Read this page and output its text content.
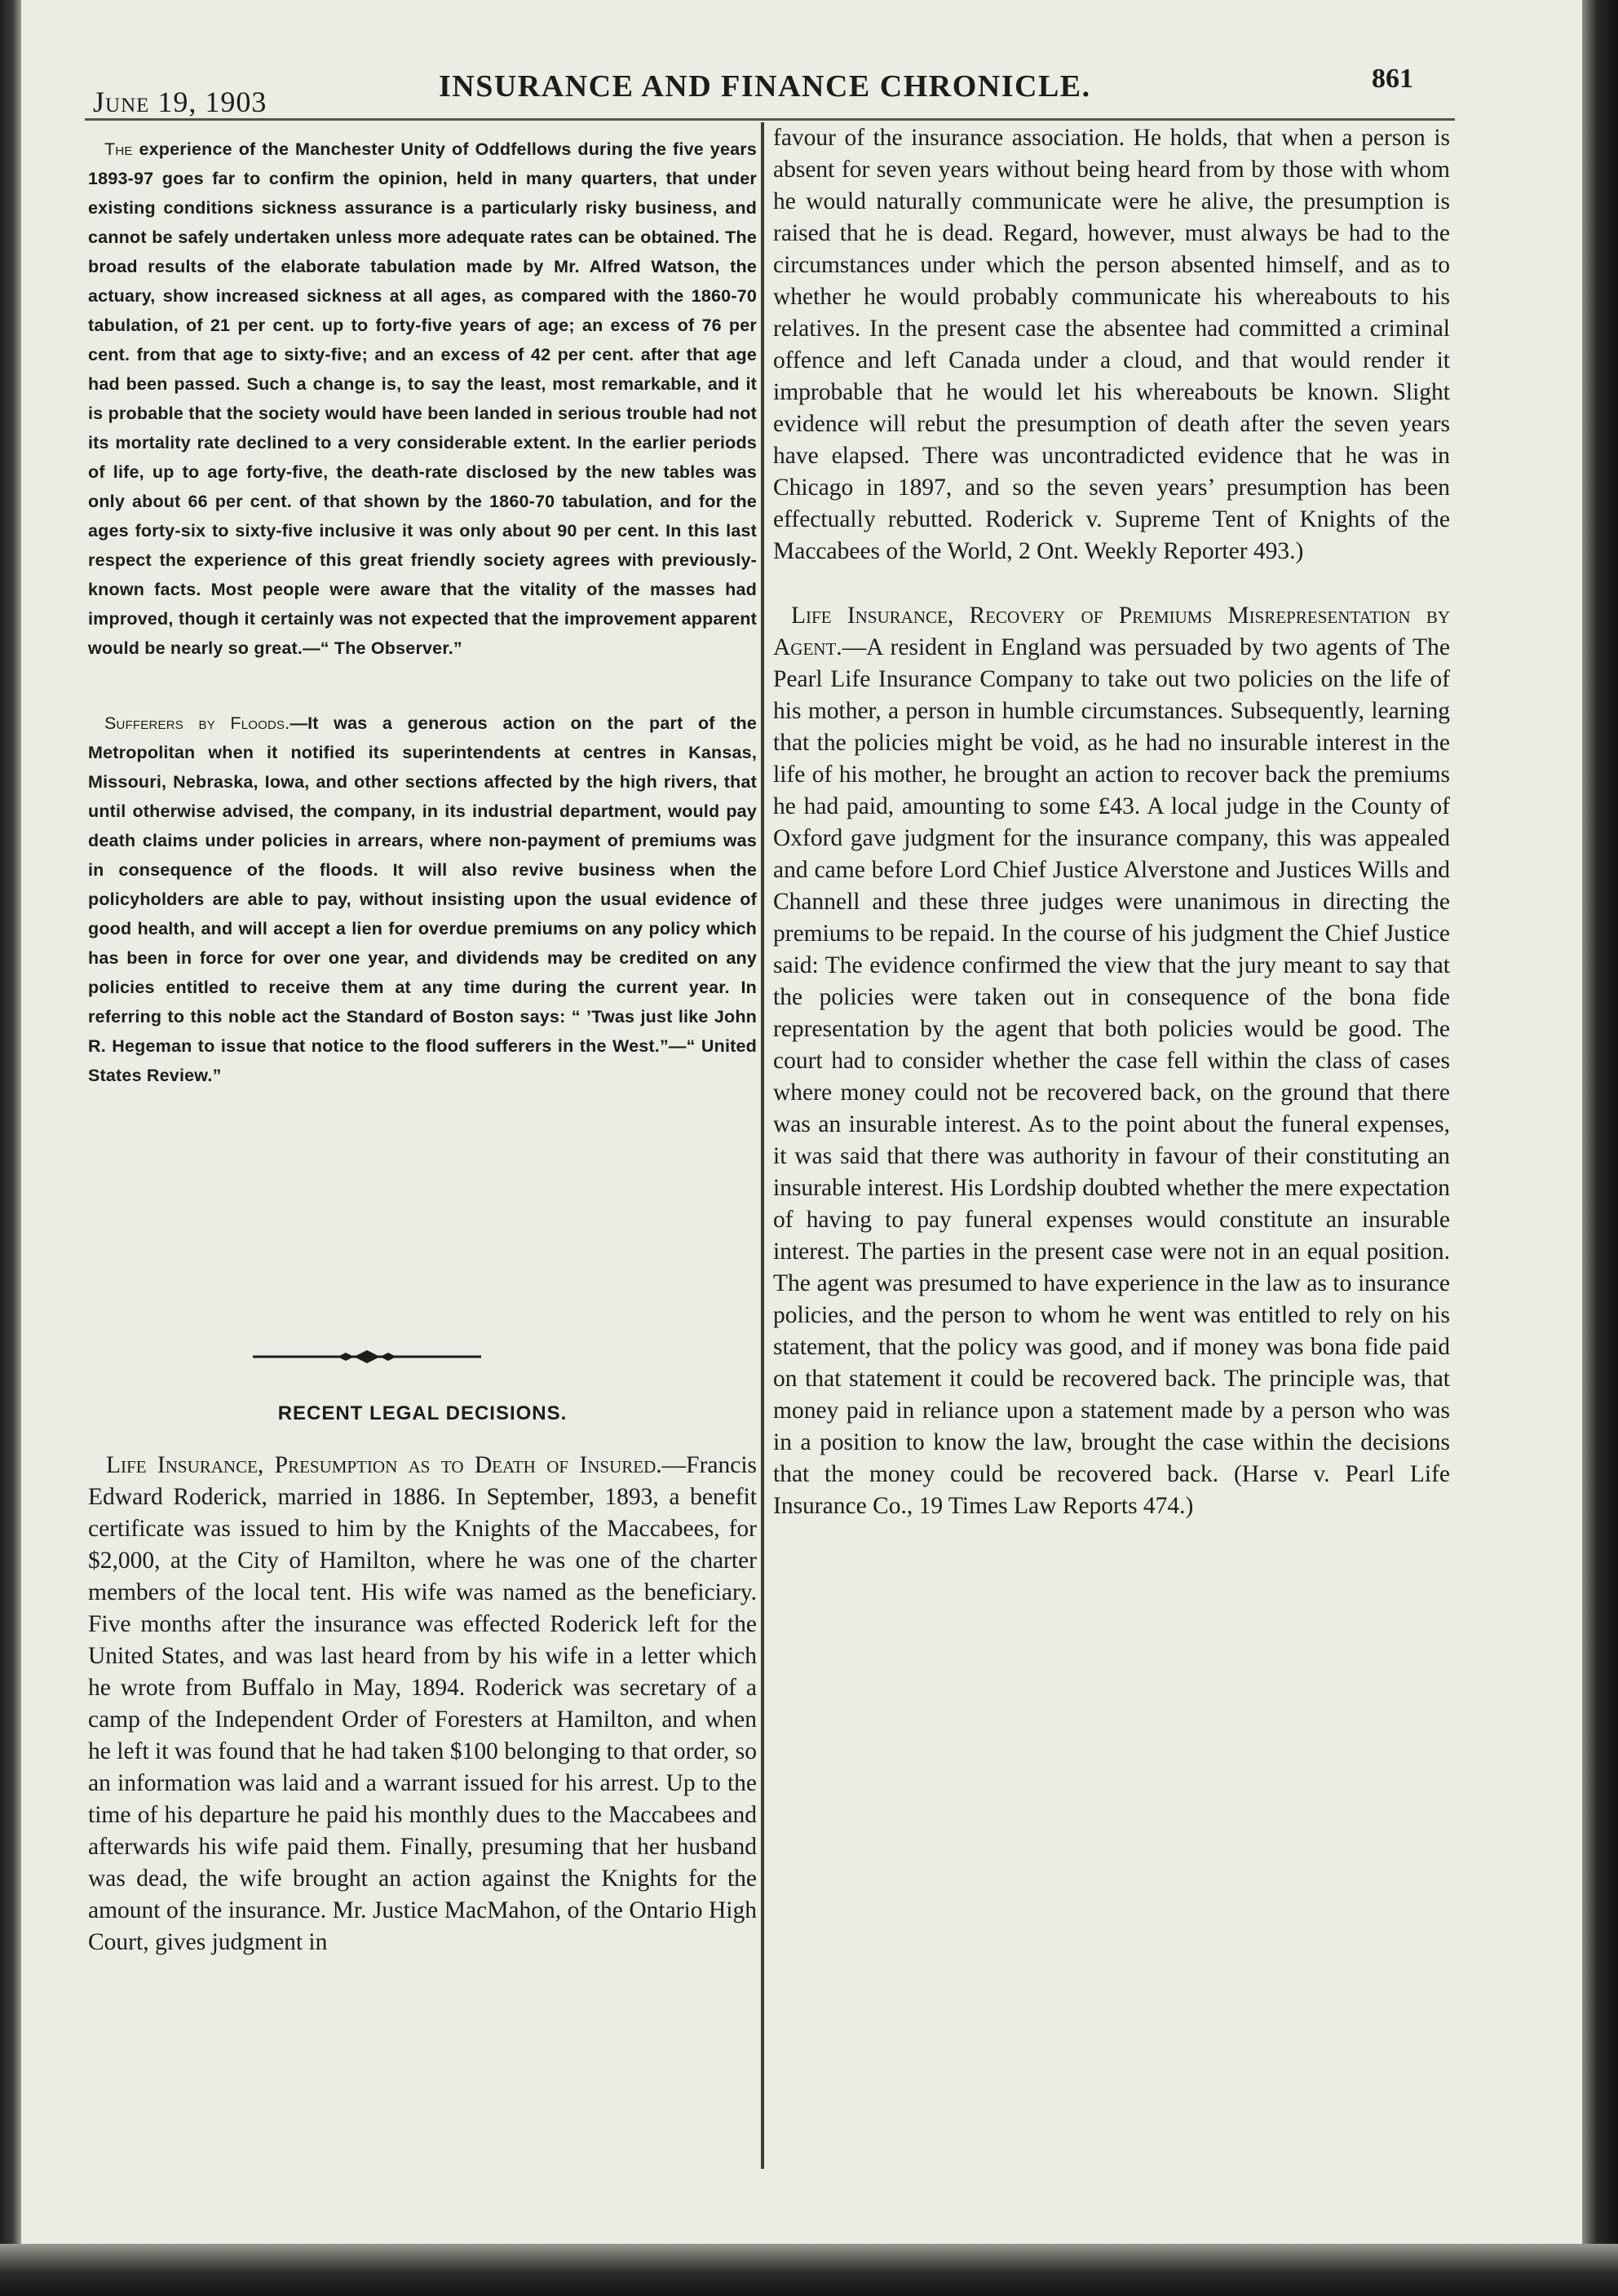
June 19, 1903	INSURANCE AND FINANCE CHRONICLE.	861

The experience of the Manchester Unity of Oddfellows during the five years 1893-97 goes far to confirm the opinion, held in many quarters, that under existing conditions sickness assurance is a particularly risky business, and cannot be safely undertaken unless more adequate rates can be obtained. The broad results of the elaborate tabulation made by Mr. Alfred Watson, the actuary, show increased sickness at all ages, as compared with the 1860-70 tabulation, of 21 per cent. up to forty-five years of age; an excess of 76 per cent. from that age to sixty-five; and an excess of 42 per cent. after that age had been passed. Such a change is, to say the least, most remarkable, and it is probable that the society would have been landed in serious trouble had not its mortality rate declined to a very considerable extent. In the earlier periods of life, up to age forty-five, the death-rate disclosed by the new tables was only about 66 per cent. of that shown by the 1860-70 tabulation, and for the ages forty-six to sixty-five inclusive it was only about 90 per cent. In this last respect the experience of this great friendly society agrees with previously-known facts. Most people were aware that the vitality of the masses had improved, though it certainly was not expected that the improvement apparent would be nearly so great.—“ The Observer.”

Sufferers by Floods.—It was a generous action on the part of the Metropolitan when it notified its superintendents at centres in Kansas, Missouri, Nebraska, Iowa, and other sections affected by the high rivers, that until otherwise advised, the company, in its industrial department, would pay death claims under policies in arrears, where non-payment of premiums was in consequence of the floods. It will also revive business when the policyholders are able to pay, without insisting upon the usual evidence of good health, and will accept a lien for overdue premiums on any policy which has been in force for over one year, and dividends may be credited on any policies entitled to receive them at any time during the current year. In referring to this noble act the Standard of Boston says: “ ’Twas just like John R. Hegeman to issue that notice to the flood sufferers in the West.”—“ United States Review.”

RECENT LEGAL DECISIONS.

Life Insurance, Presumption as to Death of Insured.—Francis Edward Roderick, married in 1886. In September, 1893, a benefit certificate was issued to him by the Knights of the Maccabees, for $2,000, at the City of Hamilton, where he was one of the charter members of the local tent. His wife was named as the beneficiary. Five months after the insurance was effected Roderick left for the United States, and was last heard from by his wife in a letter which he wrote from Buffalo in May, 1894. Roderick was secretary of a camp of the Independent Order of Foresters at Hamilton, and when he left it was found that he had taken $100 belonging to that order, so an information was laid and a warrant issued for his arrest. Up to the time of his departure he paid his monthly dues to the Maccabees and afterwards his wife paid them. Finally, presuming that her husband was dead, the wife brought an action against the Knights for the amount of the insurance. Mr. Justice MacMahon, of the Ontario High Court, gives judgment in

favour of the insurance association. He holds, that when a person is absent for seven years without being heard from by those with whom he would naturally communicate were he alive, the presumption is raised that he is dead. Regard, however, must always be had to the circumstances under which the person absented himself, and as to whether he would probably communicate his whereabouts to his relatives. In the present case the absentee had committed a criminal offence and left Canada under a cloud, and that would render it improbable that he would let his whereabouts be known. Slight evidence will rebut the presumption of death after the seven years have elapsed. There was uncontradicted evidence that he was in Chicago in 1897, and so the seven years’ presumption has been effectually rebutted. Roderick v. Supreme Tent of Knights of the Maccabees of the World, 2 Ont. Weekly Reporter 493.)

Life Insurance, Recovery of Premiums Misrepresentation by Agent.—A resident in England was persuaded by two agents of The Pearl Life Insurance Company to take out two policies on the life of his mother, a person in humble circumstances. Subsequently, learning that the policies might be void, as he had no insurable interest in the life of his mother, he brought an action to recover back the premiums he had paid, amounting to some £43. A local judge in the County of Oxford gave judgment for the insurance company, this was appealed and came before Lord Chief Justice Alverstone and Justices Wills and Channell and these three judges were unanimous in directing the premiums to be repaid. In the course of his judgment the Chief Justice said: The evidence confirmed the view that the jury meant to say that the policies were taken out in consequence of the bona fide representation by the agent that both policies would be good. The court had to consider whether the case fell within the class of cases where money could not be recovered back, on the ground that there was an insurable interest. As to the point about the funeral expenses, it was said that there was authority in favour of their constituting an insurable interest. His Lordship doubted whether the mere expectation of having to pay funeral expenses would constitute an insurable interest. The parties in the present case were not in an equal position. The agent was presumed to have experience in the law as to insurance policies, and the person to whom he went was entitled to rely on his statement, that the policy was good, and if money was bona fide paid on that statement it could be recovered back. The principle was, that money paid in reliance upon a statement made by a person who was in a position to know the law, brought the case within the decisions that the money could be recovered back. (Harse v. Pearl Life Insurance Co., 19 Times Law Reports 474.)
